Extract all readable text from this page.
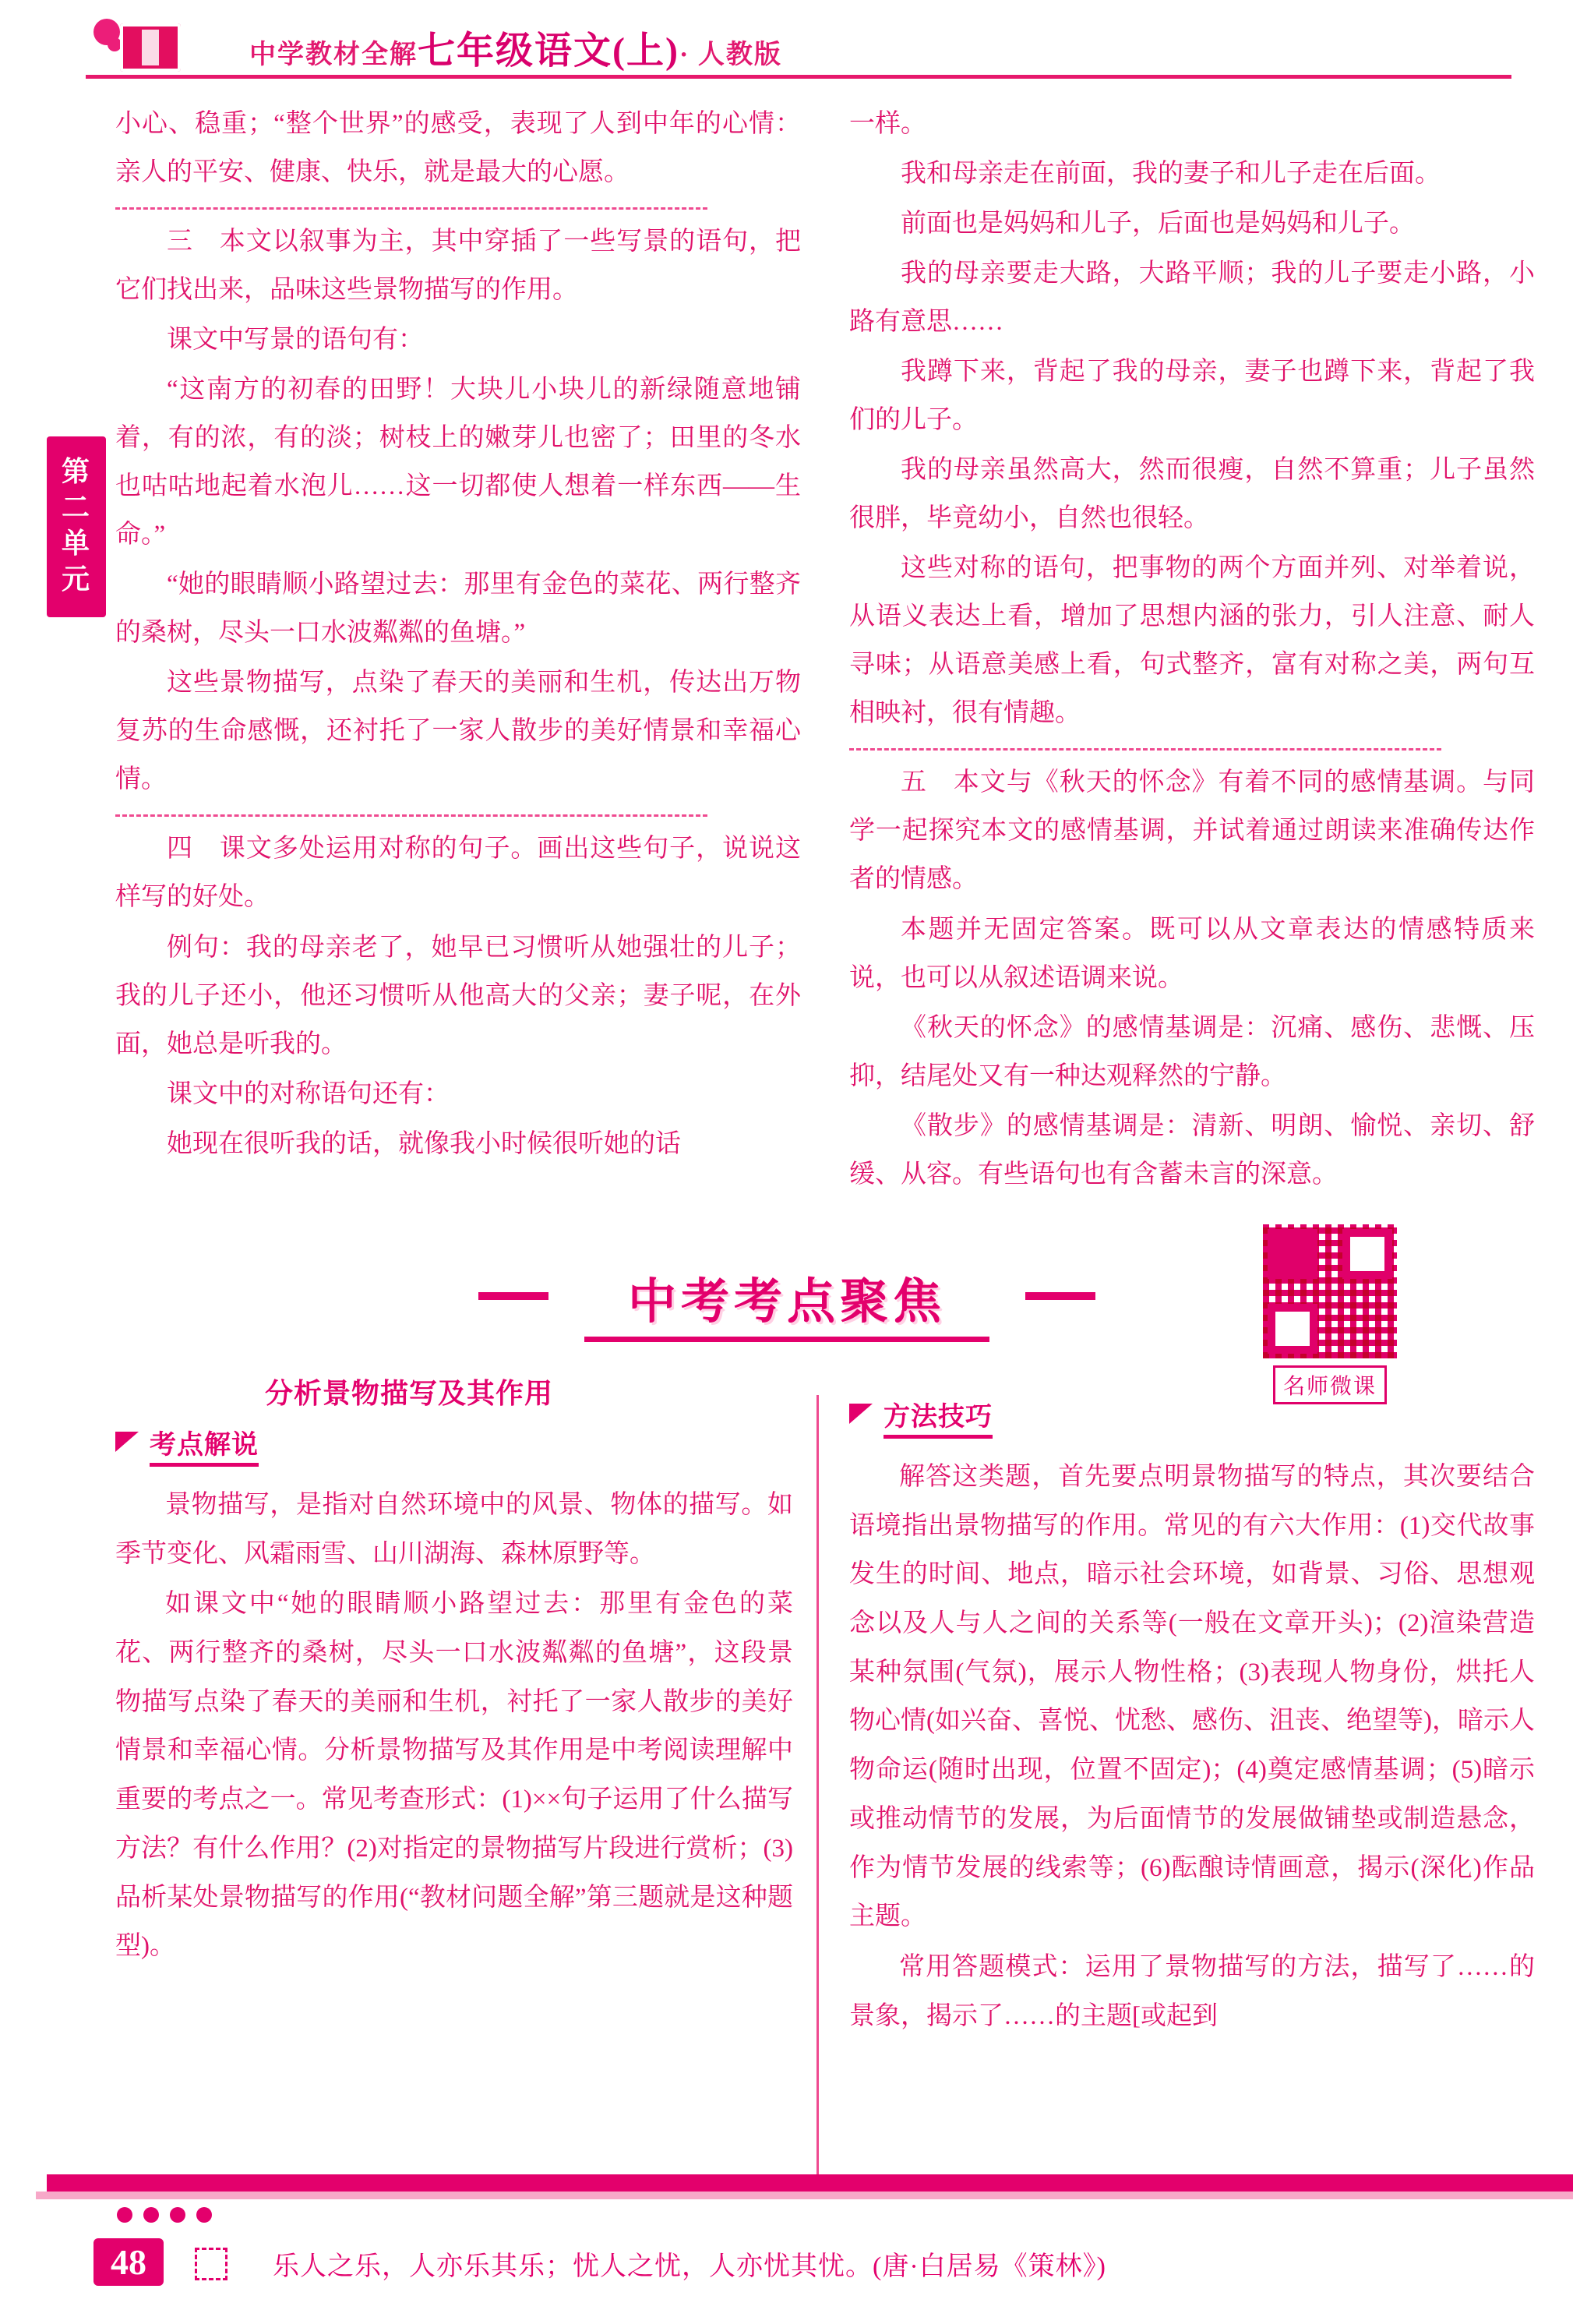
中学教材全解七年级语文(上)· 人教版
第
二
单
元

小心、稳重；“整个世界”的感受，表现了人到中年的心情：亲人的平安、健康、快乐，就是最大的心愿。

三　本文以叙事为主，其中穿插了一些写景的语句，把它们找出来，品味这些景物描写的作用。

课文中写景的语句有：

“这南方的初春的田野！大块儿小块儿的新绿随意地铺着，有的浓，有的淡；树枝上的嫩芽儿也密了；田里的冬水也咕咕地起着水泡儿……这一切都使人想着一样东西——生命。”

“她的眼睛顺小路望过去：那里有金色的菜花、两行整齐的桑树，尽头一口水波粼粼的鱼塘。”

这些景物描写，点染了春天的美丽和生机，传达出万物复苏的生命感慨，还衬托了一家人散步的美好情景和幸福心情。

四　课文多处运用对称的句子。画出这些句子，说说这样写的好处。

例句：我的母亲老了，她早已习惯听从她强壮的儿子；我的儿子还小，他还习惯听从他高大的父亲；妻子呢，在外面，她总是听我的。

课文中的对称语句还有：

她现在很听我的话，就像我小时候很听她的话

一样。

我和母亲走在前面，我的妻子和儿子走在后面。

前面也是妈妈和儿子，后面也是妈妈和儿子。

我的母亲要走大路，大路平顺；我的儿子要走小路，小路有意思……

我蹲下来，背起了我的母亲，妻子也蹲下来，背起了我们的儿子。

我的母亲虽然高大，然而很瘦，自然不算重；儿子虽然很胖，毕竟幼小，自然也很轻。

这些对称的语句，把事物的两个方面并列、对举着说，从语义表达上看，增加了思想内涵的张力，引人注意、耐人寻味；从语意美感上看，句式整齐，富有对称之美，两句互相映衬，很有情趣。

五　本文与《秋天的怀念》有着不同的感情基调。与同学一起探究本文的感情基调，并试着通过朗读来准确传达作者的情感。

本题并无固定答案。既可以从文章表达的情感特质来说，也可以从叙述语调来说。

《秋天的怀念》的感情基调是：沉痛、感伤、悲慨、压抑，结尾处又有一种达观释然的宁静。

《散步》的感情基调是：清新、明朗、愉悦、亲切、舒缓、从容。有些语句也有含蓄未言的深意。

名师微课
中考考点聚焦
分析景物描写及其作用
考点解说

景物描写，是指对自然环境中的风景、物体的描写。如季节变化、风霜雨雪、山川湖海、森林原野等。

如课文中“她的眼睛顺小路望过去：那里有金色的菜花、两行整齐的桑树，尽头一口水波粼粼的鱼塘”，这段景物描写点染了春天的美丽和生机，衬托了一家人散步的美好情景和幸福心情。分析景物描写及其作用是中考阅读理解中重要的考点之一。常见考查形式：(1)××句子运用了什么描写方法？有什么作用？(2)对指定的景物描写片段进行赏析；(3)品析某处景物描写的作用(“教材问题全解”第三题就是这种题型)。

方法技巧

解答这类题，首先要点明景物描写的特点，其次要结合语境指出景物描写的作用。常见的有六大作用：(1)交代故事发生的时间、地点，暗示社会环境，如背景、习俗、思想观念以及人与人之间的关系等(一般在文章开头)；(2)渲染营造某种氛围(气氛)，展示人物性格；(3)表现人物身份，烘托人物心情(如兴奋、喜悦、忧愁、感伤、沮丧、绝望等)，暗示人物命运(随时出现，位置不固定)；(4)奠定感情基调；(5)暗示或推动情节的发展，为后面情节的发展做铺垫或制造悬念，作为情节发展的线索等；(6)酝酿诗情画意，揭示(深化)作品主题。

常用答题模式：运用了景物描写的方法，描写了……的景象，揭示了……的主题[或起到

48	乐人之乐，人亦乐其乐；忧人之忧，人亦忧其忧。(唐·白居易《策林》)
